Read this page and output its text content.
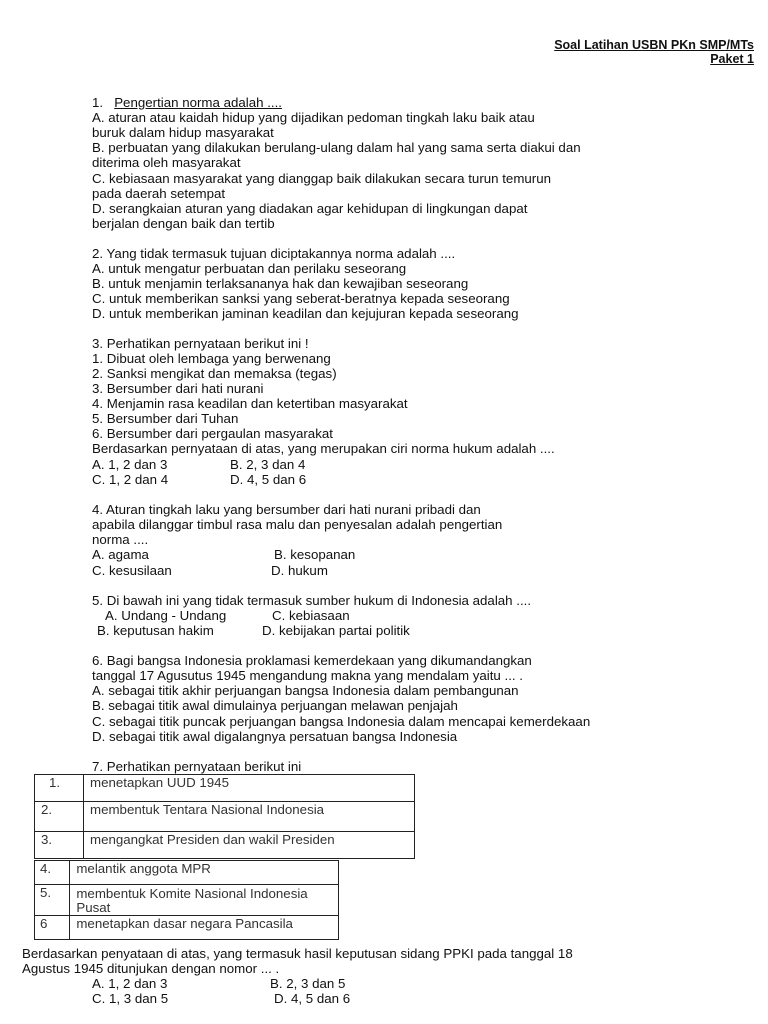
Soal Latihan USBN PKn SMP/MTs
Paket 1
1. Pengertian norma adalah ....
A. aturan atau kaidah hidup yang dijadikan pedoman tingkah laku baik atau
buruk dalam hidup masyarakat
B. perbuatan yang dilakukan berulang-ulang dalam hal yang sama serta diakui dan
diterima oleh masyarakat
C. kebiasaan masyarakat yang dianggap baik dilakukan secara turun temurun
pada daerah setempat
D. serangkaian aturan yang diadakan agar kehidupan di lingkungan dapat
berjalan dengan baik dan tertib
2. Yang tidak termasuk tujuan diciptakannya norma adalah ....
A. untuk mengatur perbuatan dan perilaku seseorang
B. untuk menjamin terlaksananya hak dan kewajiban seseorang
C. untuk memberikan sanksi yang seberat-beratnya kepada seseorang
D. untuk memberikan jaminan keadilan dan kejujuran kepada seseorang
3. Perhatikan pernyataan berikut ini !
1. Dibuat oleh lembaga yang berwenang
2. Sanksi mengikat dan memaksa (tegas)
3. Bersumber dari hati nurani
4. Menjamin rasa keadilan dan ketertiban masyarakat
5. Bersumber dari Tuhan
6. Bersumber dari pergaulan masyarakat
Berdasarkan pernyataan di atas, yang merupakan ciri norma hukum adalah ....
A. 1, 2 dan 3	B. 2, 3 dan 4
C. 1, 2 dan 4	D. 4, 5 dan 6
4. Aturan tingkah laku yang bersumber dari hati nurani pribadi dan
apabila dilanggar timbul rasa malu dan penyesalan adalah pengertian
norma ....
A. agama	B. kesopanan
C. kesusilaan	D. hukum
5. Di bawah ini yang tidak termasuk sumber hukum di Indonesia adalah ....
A. Undang - Undang	C. kebiasaan
B. keputusan hakim	D. kebijakan partai politik
6. Bagi bangsa Indonesia proklamasi kemerdekaan yang dikumandangkan
tanggal 17 Agusutus 1945 mengandung makna yang mendalam yaitu ... .
A. sebagai titik akhir perjuangan bangsa Indonesia dalam pembangunan
B. sebagai titik awal dimulainya perjuangan melawan penjajah
C. sebagai titik puncak perjuangan bangsa Indonesia dalam mencapai kemerdekaan
D. sebagai titik awal digalangnya persatuan bangsa Indonesia
7. Perhatikan pernyataan berikut ini
1.	menetapkan UUD 1945
2.	membentuk Tentara Nasional Indonesia
3.	mengangkat Presiden dan wakil Presiden
4.	melantik anggota MPR
5.	membentuk Komite Nasional Indonesia Pusat
6	menetapkan dasar negara Pancasila
Berdasarkan penyataan di atas, yang termasuk hasil keputusan sidang PPKI pada tanggal 18
Agustus 1945 ditunjukan dengan nomor ... .
A. 1, 2 dan 3	B. 2, 3 dan 5
C. 1, 3 dan 5	D. 4, 5 dan 6
